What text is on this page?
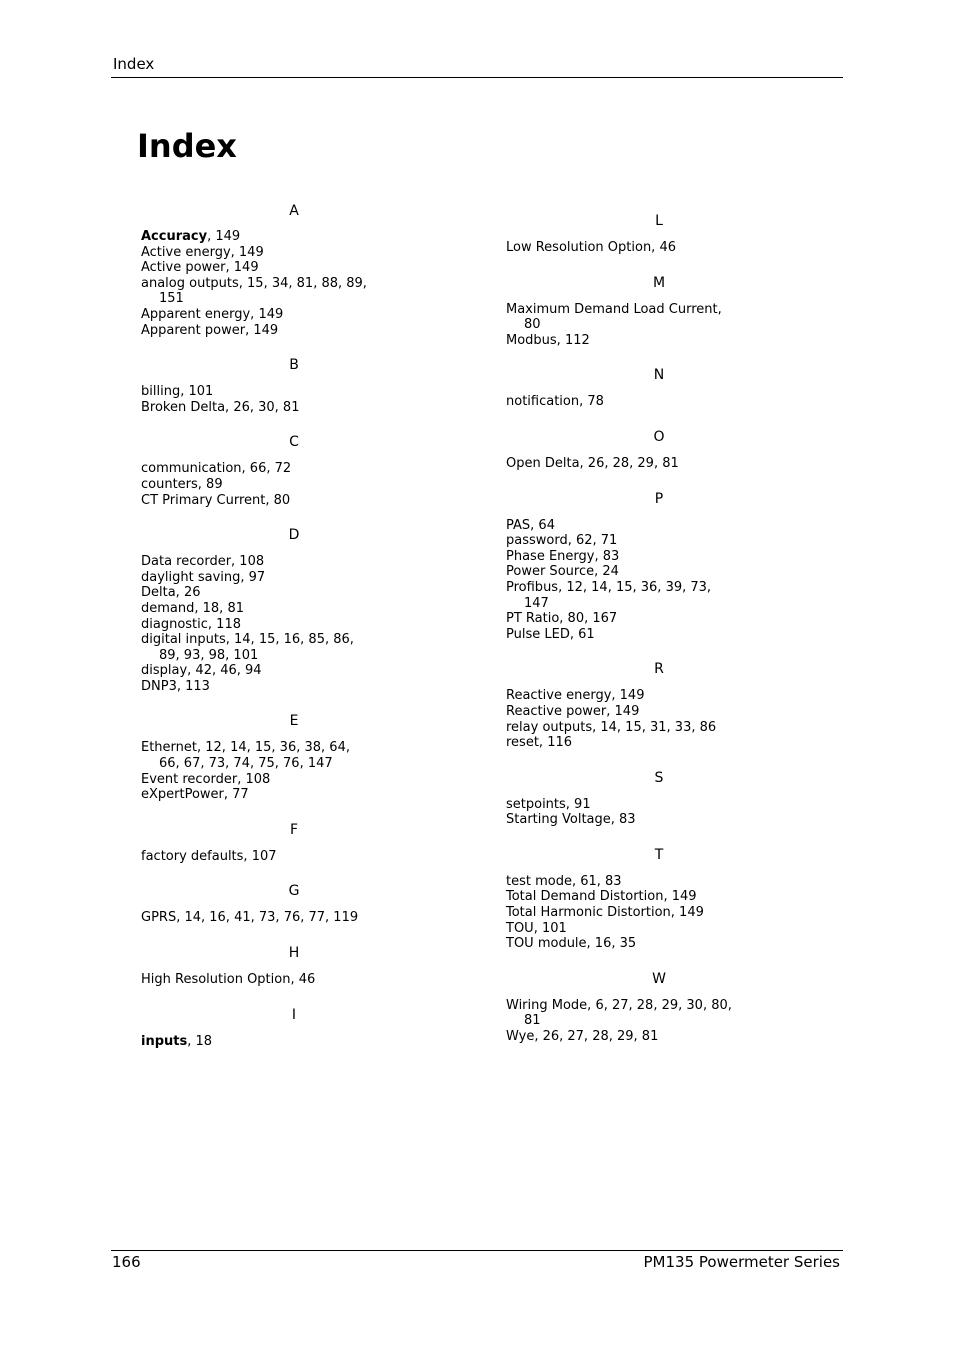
Index
Index
A
Accuracy, 149
Active energy, 149
Active power, 149
analog outputs, 15, 34, 81, 88, 89, 151
Apparent energy, 149
Apparent power, 149
B
billing, 101
Broken Delta, 26, 30, 81
C
communication, 66, 72
counters, 89
CT Primary Current, 80
D
Data recorder, 108
daylight saving, 97
Delta, 26
demand, 18, 81
diagnostic, 118
digital inputs, 14, 15, 16, 85, 86, 89, 93, 98, 101
display, 42, 46, 94
DNP3, 113
E
Ethernet, 12, 14, 15, 36, 38, 64, 66, 67, 73, 74, 75, 76, 147
Event recorder, 108
eXpertPower, 77
F
factory defaults, 107
G
GPRS, 14, 16, 41, 73, 76, 77, 119
H
High Resolution Option, 46
I
inputs, 18
L
Low Resolution Option, 46
M
Maximum Demand Load Current, 80
Modbus, 112
N
notification, 78
O
Open Delta, 26, 28, 29, 81
P
PAS, 64
password, 62, 71
Phase Energy, 83
Power Source, 24
Profibus, 12, 14, 15, 36, 39, 73, 147
PT Ratio, 80, 167
Pulse LED, 61
R
Reactive energy, 149
Reactive power, 149
relay outputs, 14, 15, 31, 33, 86
reset, 116
S
setpoints, 91
Starting Voltage, 83
T
test mode, 61, 83
Total Demand Distortion, 149
Total Harmonic Distortion, 149
TOU, 101
TOU module, 16, 35
W
Wiring Mode, 6, 27, 28, 29, 30, 80, 81
Wye, 26, 27, 28, 29, 81
166	PM135 Powermeter Series
